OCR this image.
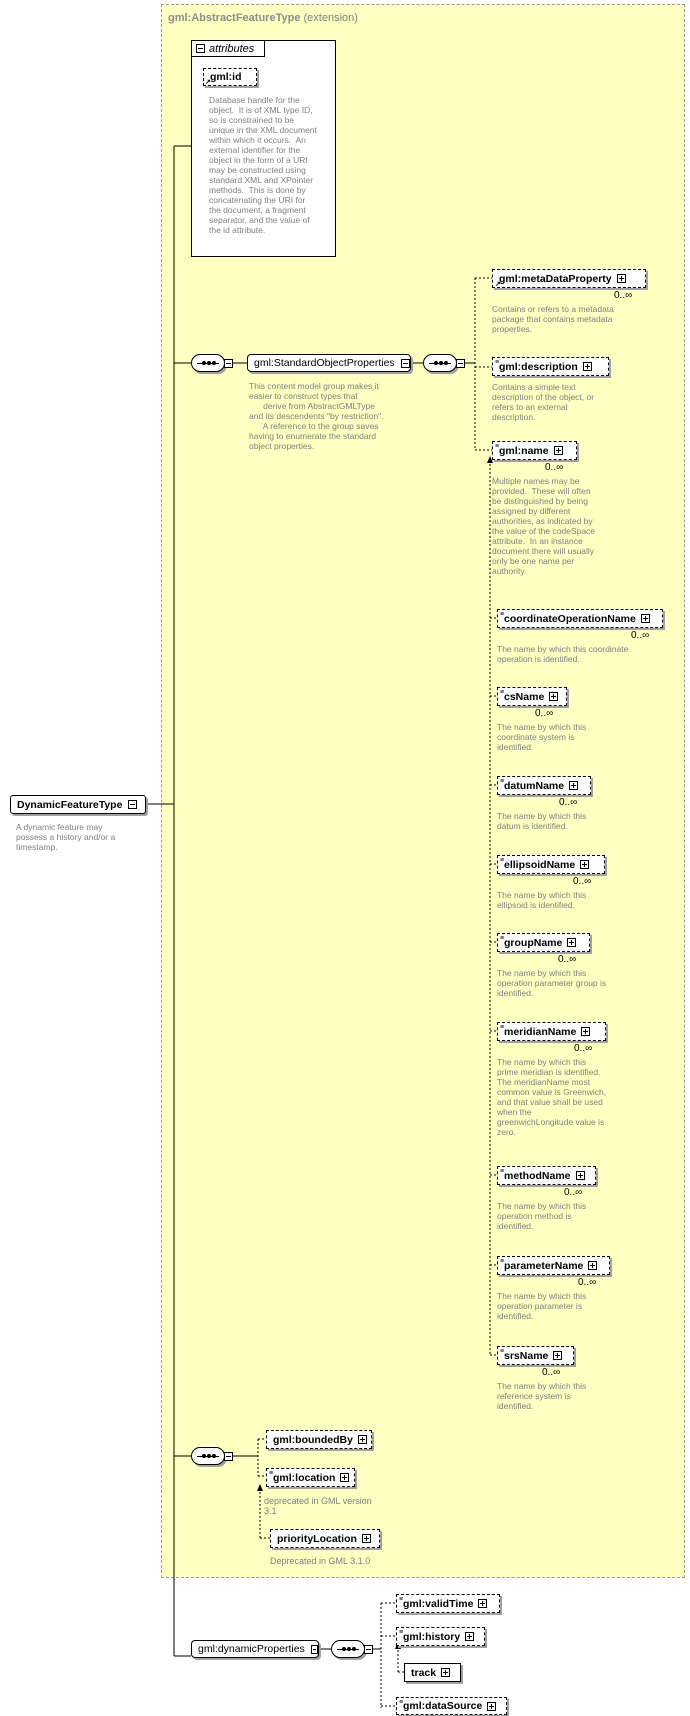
gml:AbstractFeatureType (extension)
attributes
↗ gml:id
Database handle for the
object.  It is of XML type ID,
so is constrained to be
unique in the XML document
within which it occurs.  An
external identifier for the
object in the form of a URI
may be constructed using
standard XML and XPointer
methods.  This is done by
concatenating the URI for
the document, a fragment
separator, and the value of
the id attribute.
DynamicFeatureType
A dynamic feature may
possess a history and/or a
timestamp.
gml:StandardObjectProperties
This content model group makes it
easier to construct types that
derive from AbstractGMLType
and its descendents "by restriction".
A reference to the group saves
having to enumerate the standard
object properties.
↗
gml:metaDataProperty
0..∞
Contains or refers to a metadata
package that contains metadata
properties.
≡ gml:description
Contains a simple text
description of the object, or
refers to an external
description.
≡ gml:name
0..∞
Multiple names may be
provided.  These will often
be distinguished by being
assigned by different
authorities, as indicated by
the value of the codeSpace
attribute.  In an instance
document there will usually
only be one name per
authority.
≡ coordinateOperationName
0..∞
The name by which this coordinate
operation is identified.
≡ csName
0..∞
The name by which this
coordinate system is
identified.
≡ datumName
0..∞
The name by which this
datum is identified.
≡ ellipsoidName
0..∞
The name by which this
ellipsoid is identified.
≡ groupName
0..∞
The name by which this
operation parameter group is
identified.
≡ meridianName
0..∞
The name by which this
prime meridian is identified.
The meridianName most
common value is Greenwich,
and that value shall be used
when the
greenwichLongitude value is
zero.
≡ methodName
0..∞
The name by which this
operation method is
identified.
≡ parameterName
0..∞
The name by which this
operation parameter is
identified.
≡ srsName
0..∞
The name by which this
reference system is
identified.
gml:boundedBy
≡ gml:location
deprecated in GML version
3.1
priorityLocation
Deprecated in GML 3.1.0
gml:dynamicProperties
≡ gml:validTime
≡ gml:history
track
≡ gml:dataSource
